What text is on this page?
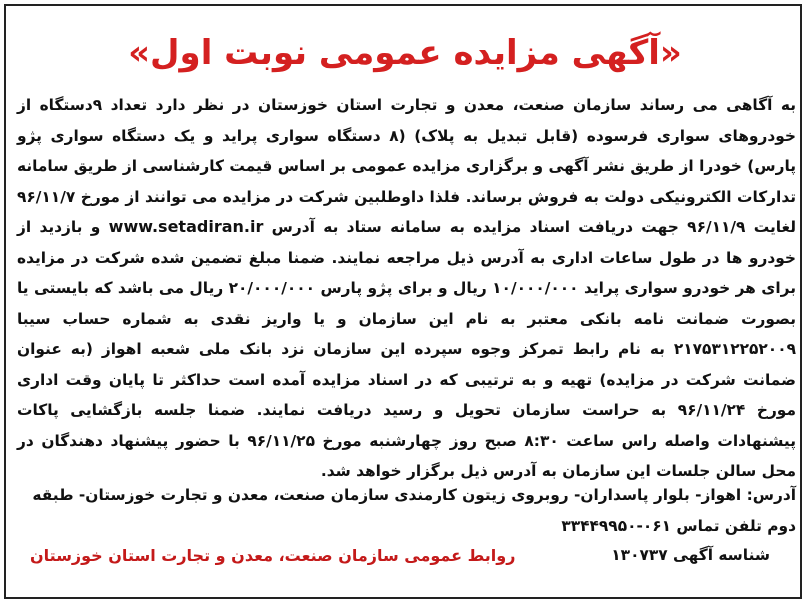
«آگهی مزایده عمومی نوبت اول»
به آگاهی می رساند سازمان صنعت، معدن و تجارت استان خوزستان در نظر دارد تعداد ۹دستگاه از خودروهای سواری فرسوده (قابل تبدیل به پلاک) (۸ دستگاه سواری پراید و یک دستگاه سواری پژو پارس) خودرا از طریق نشر آگهی و برگزاری مزایده عمومی بر اساس قیمت کارشناسی از طریق سامانه تدارکات الکترونیکی دولت به فروش برساند. فلذا داوطلبین شرکت در مزایده می توانند از مورخ ۹۶/۱۱/۷ لغایت ۹۶/۱۱/۹ جهت دریافت اسناد مزایده به سامانه ستاد به آدرس www.setadiran.ir و بازدید از خودرو ها در طول ساعات اداری به آدرس ذیل مراجعه نمایند. ضمنا مبلغ تضمین شده شرکت در مزایده برای هر خودرو سواری پراید ۱۰/۰۰۰/۰۰۰ ریال و برای پژو پارس ۲۰/۰۰۰/۰۰۰ ریال می باشد که بایستی یا بصورت ضمانت نامه بانکی معتبر به نام این سازمان و یا واریز نقدی به شماره حساب سیبا ۲۱۷۵۳۱۲۲۵۲۰۰۹ به نام رابط تمرکز وجوه سپرده این سازمان نزد بانک ملی شعبه اهواز (به عنوان ضمانت شرکت در مزایده) تهیه و به ترتیبی که در اسناد مزایده آمده است حداکثر تا پایان وقت اداری مورخ ۹۶/۱۱/۲۴ به حراست سازمان تحویل و رسید دریافت نمایند. ضمنا جلسه بازگشایی پاکات پیشنهادات واصله راس ساعت ۸:۳۰ صبح روز چهارشنبه مورخ ۹۶/۱۱/۲۵ با حضور پیشنهاد دهندگان در محل سالن جلسات این سازمان به آدرس ذیل برگزار خواهد شد.
آدرس: اهواز- بلوار پاسداران- روبروی زیتون کارمندی سازمان صنعت، معدن و تجارت خوزستان- طبقه دوم تلفن تماس ۰۶۱-۳۳۴۴۹۹۵۰
شناسه آگهی ۱۳۰۷۳۷
روابط عمومی سازمان صنعت، معدن و تجارت استان خوزستان
